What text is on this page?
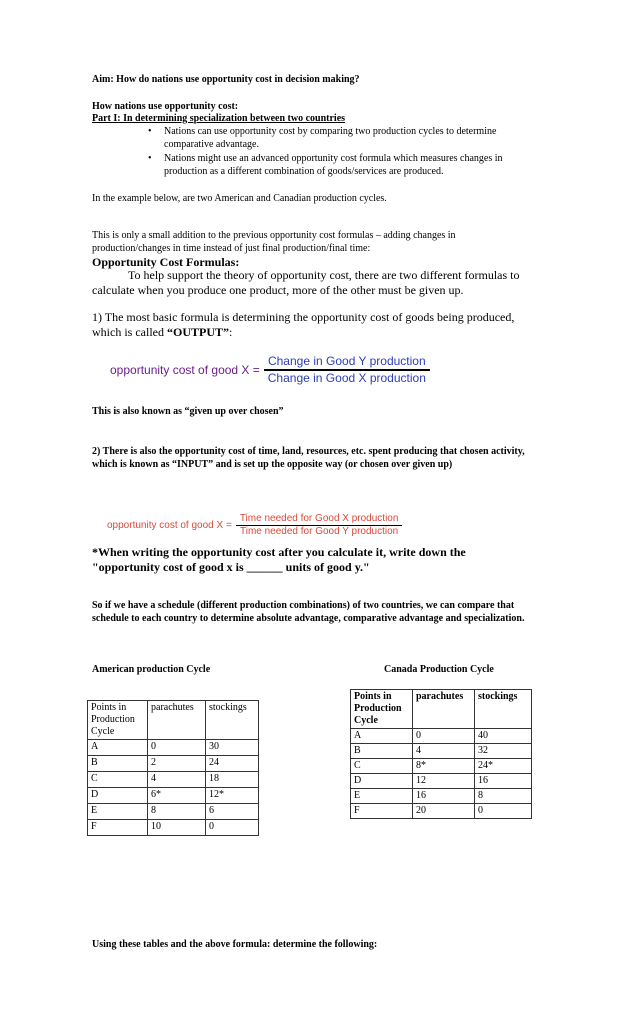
Aim: How do nations use opportunity cost in decision making?
How nations use opportunity cost:
Part I: In determining specialization between two countries
• Nations can use opportunity cost by comparing two production cycles to determine comparative advantage.
• Nations might use an advanced opportunity cost formula which measures changes in production as a different combination of goods/services are produced.
In the example below, are two American and Canadian production cycles.
This is only a small addition to the previous opportunity cost formulas – adding changes in production/changes in time instead of just final production/final time:
Opportunity Cost Formulas:
To help support the theory of opportunity cost, there are two different formulas to calculate when you produce one product, more of the other must be given up.
1) The most basic formula is determining the opportunity cost of goods being produced, which is called “OUTPUT”:
opportunity cost of good $X = \frac{\text{Change in Good Y production}}{\text{Change in Good X production}}$
This is also known as “given up over chosen”
2) There is also the opportunity cost of time, land, resources, etc. spent producing that chosen activity, which is known as “INPUT” and is set up the opposite way (or chosen over given up)
opportunity cost of good $X = \frac{\text{Time needed for Good X production}}{\text{Time needed for Good Y production}}$
*When writing the opportunity cost after you calculate it, write down the "opportunity cost of good x is ______ units of good y."
So if we have a schedule (different production combinations) of two countries, we can compare that schedule to each country to determine absolute advantage, comparative advantage and specialization.
American production Cycle	Canada Production Cycle
Points in Production Cycle	parachutes	stockings
A	0	30
B	2	24
C	4	18
D	6*	12*
E	8	6
F	10	0
Points in Production Cycle	parachutes	stockings
A	0	40
B	4	32
C	8*	24*
D	12	16
E	16	8
F	20	0
Using these tables and the above formula: determine the following:
